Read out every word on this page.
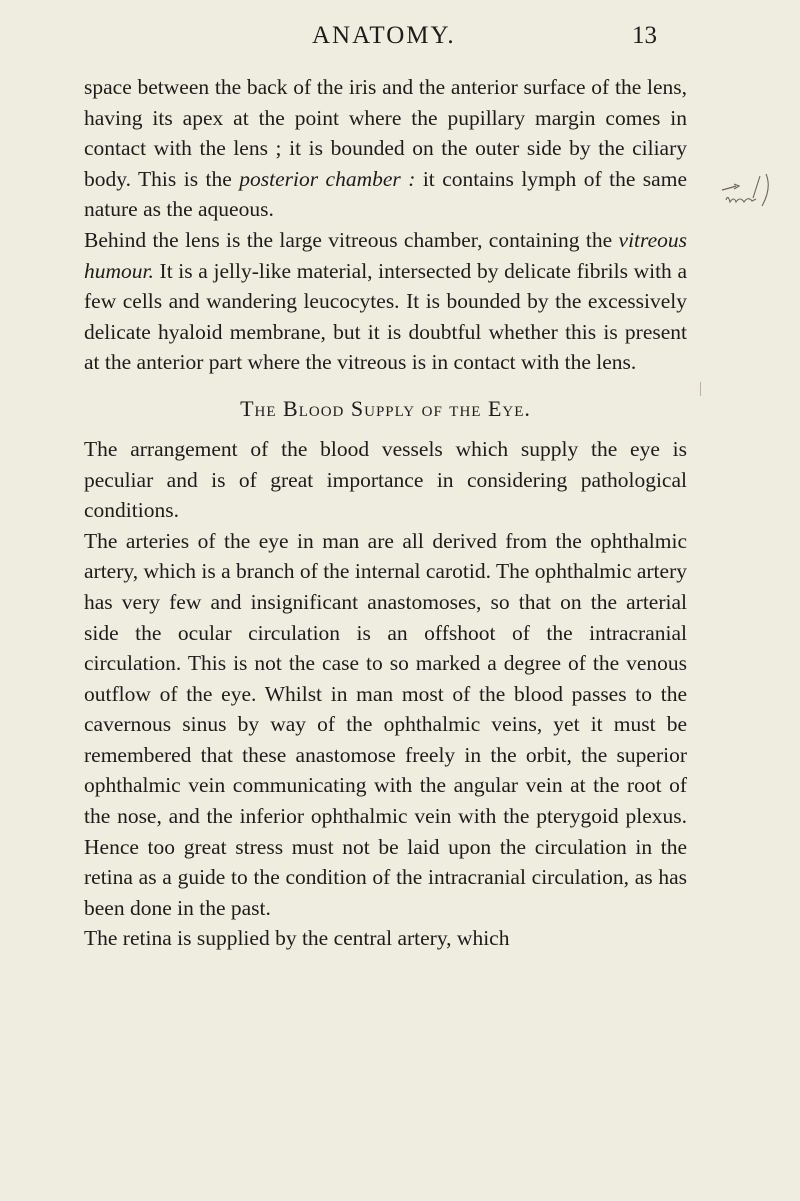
ANATOMY.	13

space between the back of the iris and the anterior surface of the lens, having its apex at the point where the pupillary margin comes in contact with the lens ; it is bounded on the outer side by the ciliary body. This is the posterior chamber : it contains lymph of the same nature as the aqueous.

Behind the lens is the large vitreous chamber, containing the vitreous humour. It is a jelly-like material, intersected by delicate fibrils with a few cells and wandering leucocytes. It is bounded by the excessively delicate hyaloid membrane, but it is doubtful whether this is present at the anterior part where the vitreous is in contact with the lens.

The Blood Supply of the Eye.

The arrangement of the blood vessels which supply the eye is peculiar and is of great importance in considering pathological conditions.

The arteries of the eye in man are all derived from the ophthalmic artery, which is a branch of the internal carotid. The ophthalmic artery has very few and insignificant anastomoses, so that on the arterial side the ocular circulation is an offshoot of the intracranial circulation. This is not the case to so marked a degree of the venous outflow of the eye. Whilst in man most of the blood passes to the cavernous sinus by way of the ophthalmic veins, yet it must be remembered that these anastomose freely in the orbit, the superior ophthalmic vein communicating with the angular vein at the root of the nose, and the inferior ophthalmic vein with the pterygoid plexus. Hence too great stress must not be laid upon the circulation in the retina as a guide to the condition of the intracranial circulation, as has been done in the past.

The retina is supplied by the central artery, which
